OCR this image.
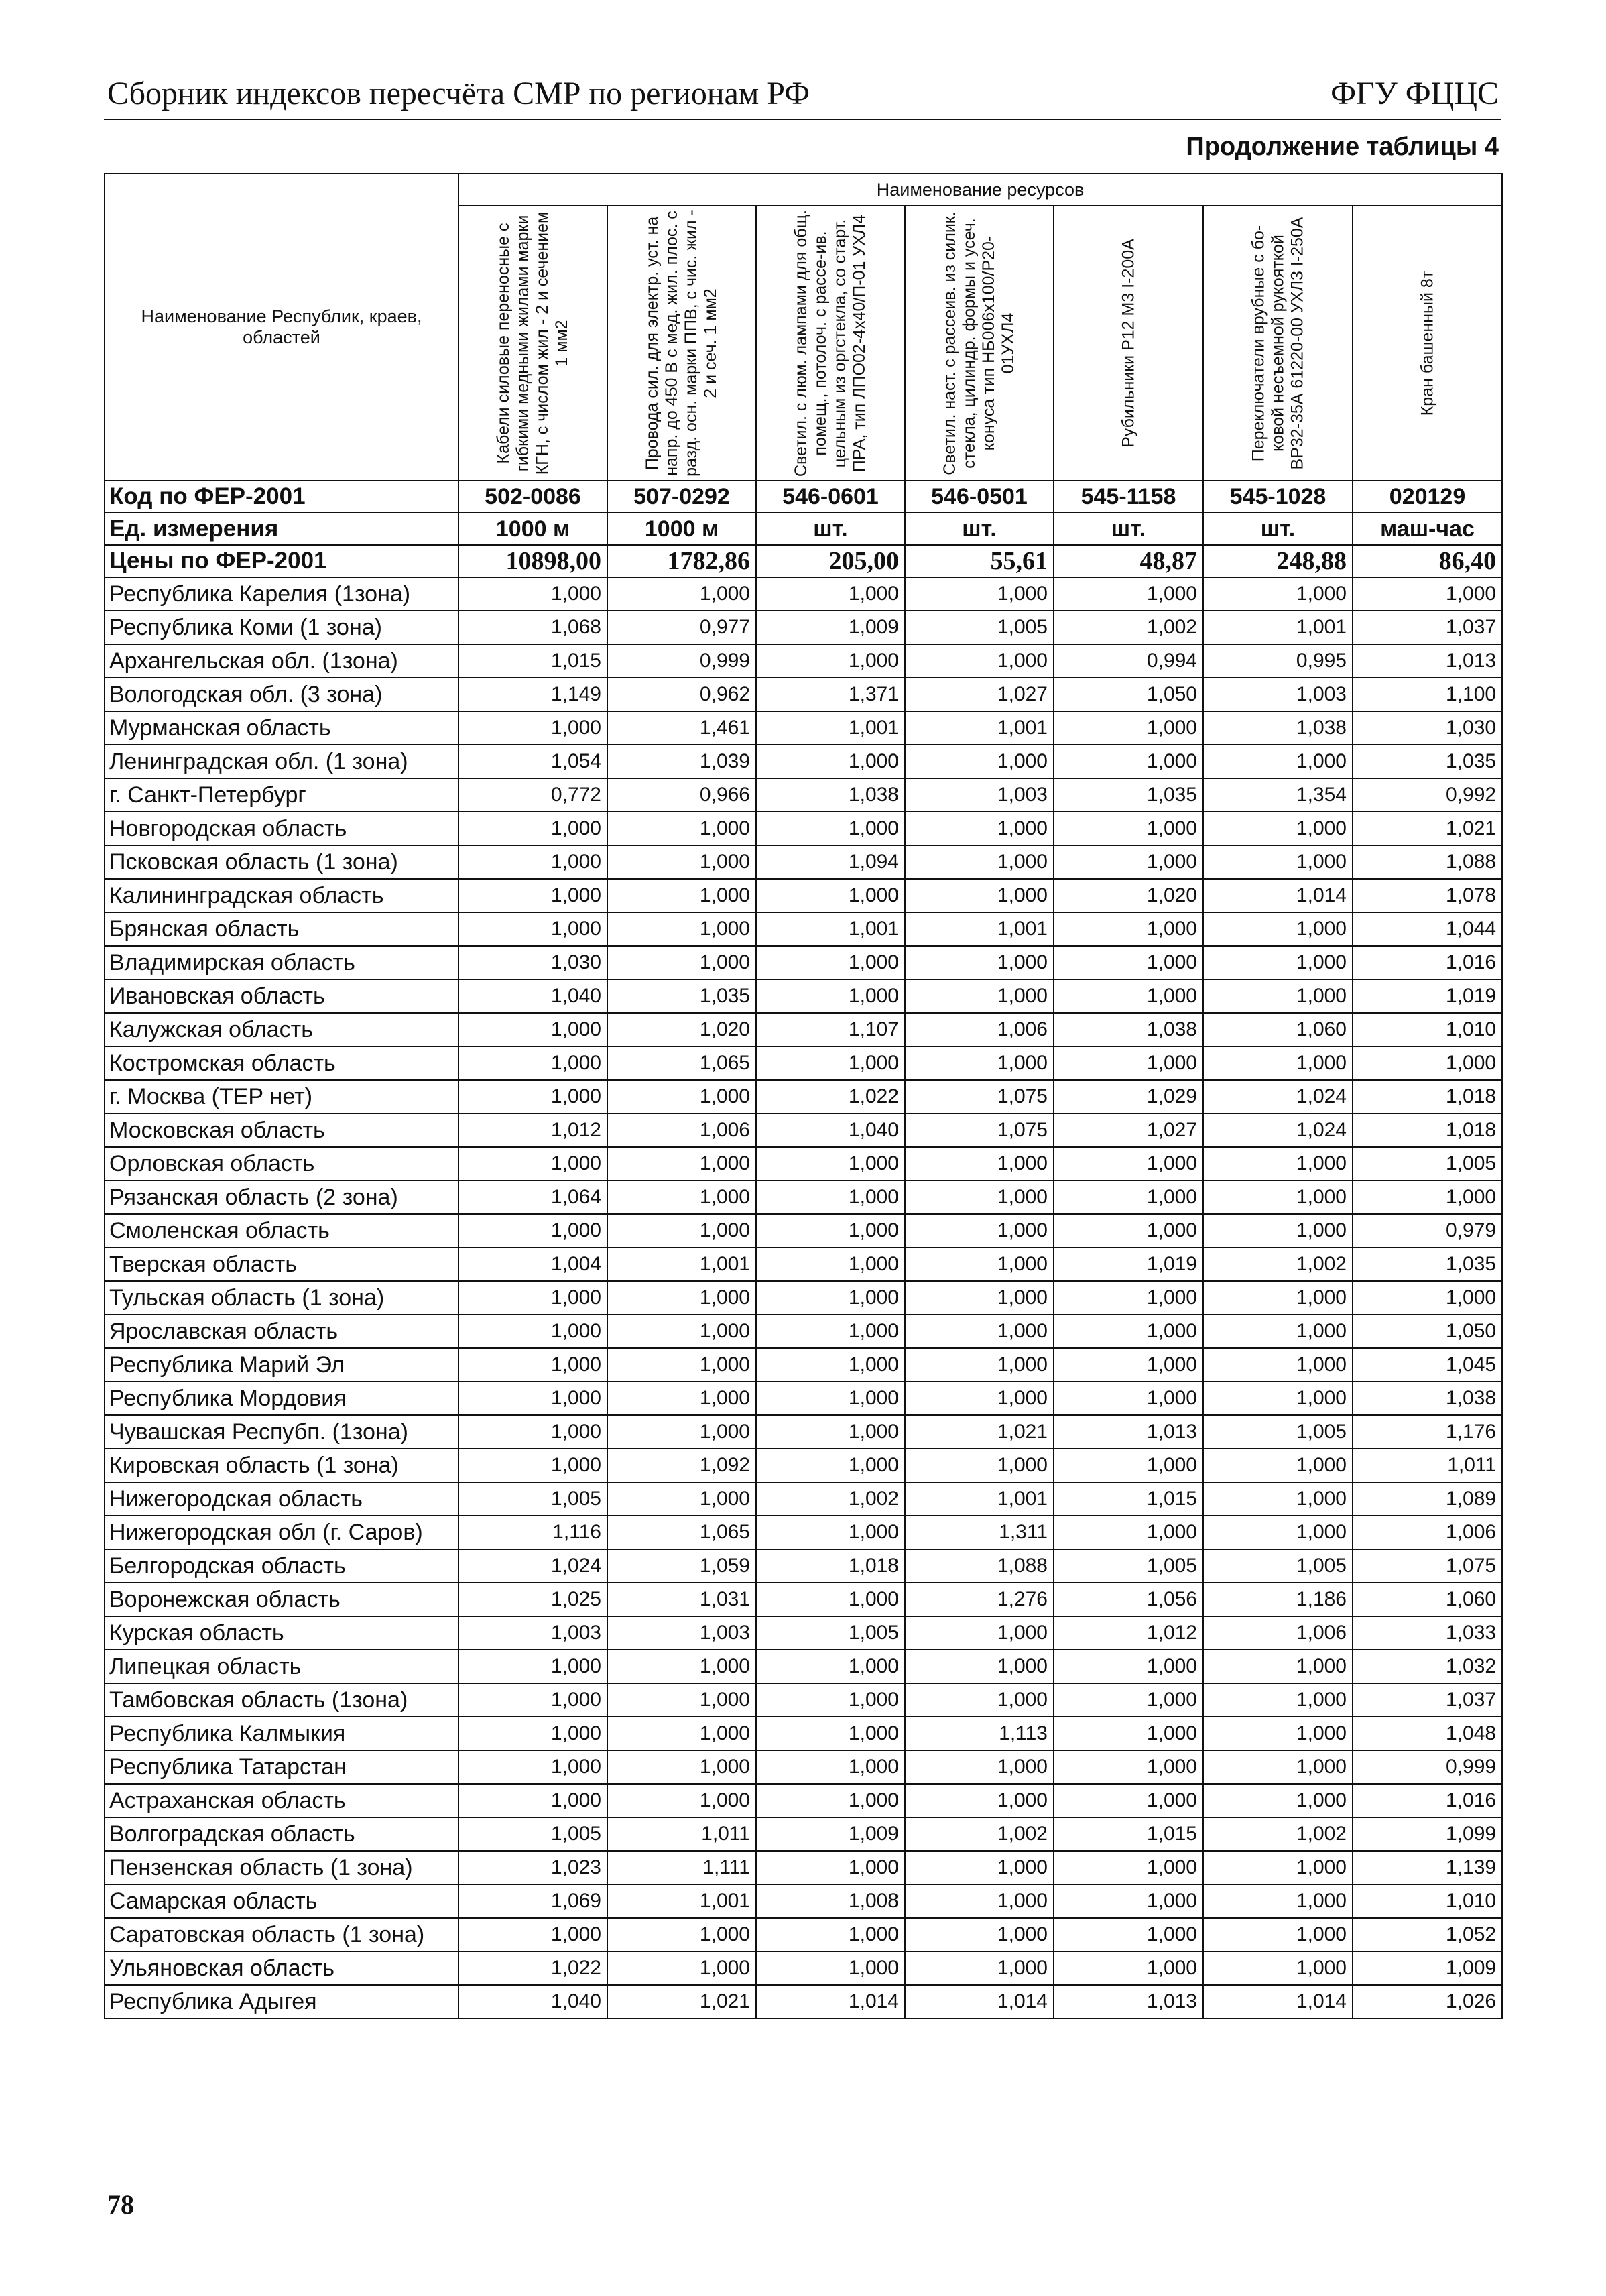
Сборник индексов пересчёта СМР по регионам РФ	ФГУ ФЦЦС
Продолжение таблицы 4
Наименование Республик, краев, областей	Наименование ресурсов						

	Кабели силовые переносные с гибкими медными жилами марки КГН, с числом жил - 2 и сечением 1 мм2	Провода сил. для электр. уст. на напр. до 450 В с мед. жил. плос. с разд. осн. марки ППВ, с чис. жил - 2 и сеч. 1 мм2	Светил. с люм. лампами для общ. помещ., потолоч. с рассе-ив. цельным из оргстекла, со старт. ПРА, тип ЛПО02-4х40/П-01 УХЛ4	Светил. наст. с рассеив. из силик. стекла, цилиндр. формы и усеч. конуса тип НБ006х100/Р20-01УХЛ4	Рубильники Р12 М3 I-200А	Переключатели врубные с бо-ковой несъемной рукояткой ВР32-35А 61220-00 УХЛ3 I-250А	Кран башенный 8т

Код по ФЕР-2001	502-0086	507-0292	546-0601	546-0501	545-1158	545-1028	020129
Ед. измерения	1000 м	1000 м	шт.	шт.	шт.	шт.	маш-час
Цены по ФЕР-2001	10898,00	1782,86	205,00	55,61	48,87	248,88	86,40
Республика Карелия (1зона)	1,000	1,000	1,000	1,000	1,000	1,000	1,000
Республика Коми (1 зона)	1,068	0,977	1,009	1,005	1,002	1,001	1,037
Архангельская обл. (1зона)	1,015	0,999	1,000	1,000	0,994	0,995	1,013
Вологодская обл. (3 зона)	1,149	0,962	1,371	1,027	1,050	1,003	1,100
Мурманская область	1,000	1,461	1,001	1,001	1,000	1,038	1,030
Ленинградская обл. (1 зона)	1,054	1,039	1,000	1,000	1,000	1,000	1,035
г. Санкт-Петербург	0,772	0,966	1,038	1,003	1,035	1,354	0,992
Новгородская область	1,000	1,000	1,000	1,000	1,000	1,000	1,021
Псковская область (1 зона)	1,000	1,000	1,094	1,000	1,000	1,000	1,088
Калининградская область	1,000	1,000	1,000	1,000	1,020	1,014	1,078
Брянская область	1,000	1,000	1,001	1,001	1,000	1,000	1,044
Владимирская область	1,030	1,000	1,000	1,000	1,000	1,000	1,016
Ивановская область	1,040	1,035	1,000	1,000	1,000	1,000	1,019
Калужская область	1,000	1,020	1,107	1,006	1,038	1,060	1,010
Костромская область	1,000	1,065	1,000	1,000	1,000	1,000	1,000
г. Москва (ТЕР нет)	1,000	1,000	1,022	1,075	1,029	1,024	1,018
Московская область	1,012	1,006	1,040	1,075	1,027	1,024	1,018
Орловская область	1,000	1,000	1,000	1,000	1,000	1,000	1,005
Рязанская область (2 зона)	1,064	1,000	1,000	1,000	1,000	1,000	1,000
Смоленская область	1,000	1,000	1,000	1,000	1,000	1,000	0,979
Тверская область	1,004	1,001	1,000	1,000	1,019	1,002	1,035
Тульская область (1 зона)	1,000	1,000	1,000	1,000	1,000	1,000	1,000
Ярославская область	1,000	1,000	1,000	1,000	1,000	1,000	1,050
Республика Марий Эл	1,000	1,000	1,000	1,000	1,000	1,000	1,045
Республика Мордовия	1,000	1,000	1,000	1,000	1,000	1,000	1,038
Чувашская Респубп. (1зона)	1,000	1,000	1,000	1,021	1,013	1,005	1,176
Кировская область (1 зона)	1,000	1,092	1,000	1,000	1,000	1,000	1,011
Нижегородская область	1,005	1,000	1,002	1,001	1,015	1,000	1,089
Нижегородская обл (г. Саров)	1,116	1,065	1,000	1,311	1,000	1,000	1,006
Белгородская область	1,024	1,059	1,018	1,088	1,005	1,005	1,075
Воронежская область	1,025	1,031	1,000	1,276	1,056	1,186	1,060
Курская область	1,003	1,003	1,005	1,000	1,012	1,006	1,033
Липецкая область	1,000	1,000	1,000	1,000	1,000	1,000	1,032
Тамбовская область (1зона)	1,000	1,000	1,000	1,000	1,000	1,000	1,037
Республика Калмыкия	1,000	1,000	1,000	1,113	1,000	1,000	1,048
Республика Татарстан	1,000	1,000	1,000	1,000	1,000	1,000	0,999
Астраханская область	1,000	1,000	1,000	1,000	1,000	1,000	1,016
Волгоградская область	1,005	1,011	1,009	1,002	1,015	1,002	1,099
Пензенская область (1 зона)	1,023	1,111	1,000	1,000	1,000	1,000	1,139
Самарская область	1,069	1,001	1,008	1,000	1,000	1,000	1,010
Саратовская область (1 зона)	1,000	1,000	1,000	1,000	1,000	1,000	1,052
Ульяновская область	1,022	1,000	1,000	1,000	1,000	1,000	1,009
Республика Адыгея	1,040	1,021	1,014	1,014	1,013	1,014	1,026
78
